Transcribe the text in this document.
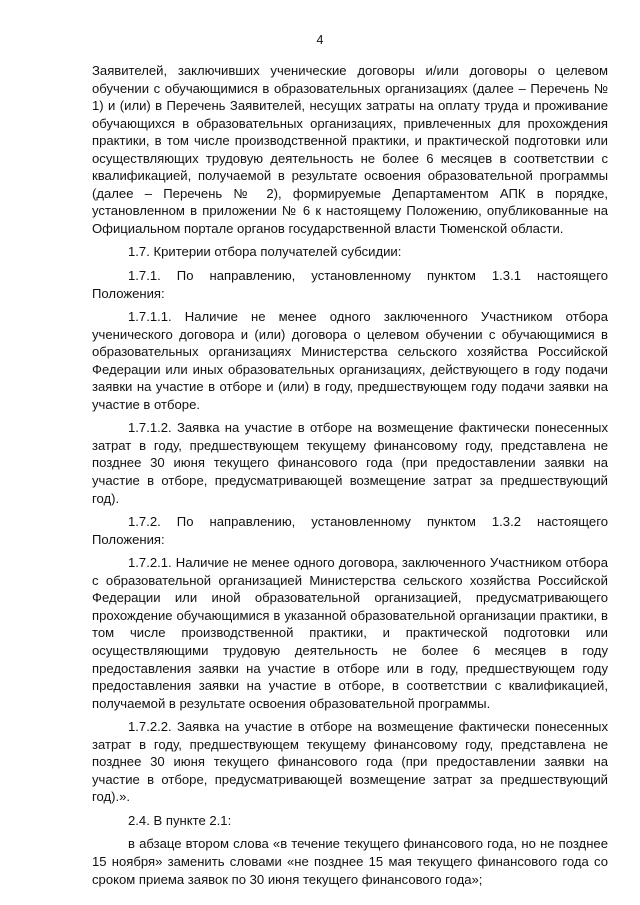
4

Заявителей, заключивших ученические договоры и/или договоры о целевом обучении с обучающимися в образовательных организациях (далее – Перечень № 1) и (или) в Перечень Заявителей, несущих затраты на оплату труда и проживание обучающихся в образовательных организациях, привлеченных для прохождения практики, в том числе производственной практики, и практической подготовки или осуществляющих трудовую деятельность не более 6 месяцев в соответствии с квалификацией, получаемой в результате освоения образовательной программы (далее – Перечень № 2), формируемые Департаментом АПК в порядке, установленном в приложении № 6 к настоящему Положению, опубликованные на Официальном портале органов государственной власти Тюменской области.

1.7. Критерии отбора получателей субсидии:

1.7.1. По направлению, установленному пунктом 1.3.1 настоящего Положения:

1.7.1.1. Наличие не менее одного заключенного Участником отбора ученического договора и (или) договора о целевом обучении с обучающимися в образовательных организациях Министерства сельского хозяйства Российской Федерации или иных образовательных организациях, действующего в году подачи заявки на участие в отборе и (или) в году, предшествующем году подачи заявки на участие в отборе.

1.7.1.2. Заявка на участие в отборе на возмещение фактически понесенных затрат в году, предшествующем текущему финансовому году, представлена не позднее 30 июня текущего финансового года (при предоставлении заявки на участие в отборе, предусматривающей возмещение затрат за предшествующий год).

1.7.2. По направлению, установленному пунктом 1.3.2 настоящего Положения:

1.7.2.1. Наличие не менее одного договора, заключенного Участником отбора с образовательной организацией Министерства сельского хозяйства Российской Федерации или иной образовательной организацией, предусматривающего прохождение обучающимися в указанной образовательной организации практики, в том числе производственной практики, и практической подготовки или осуществляющими трудовую деятельность не более 6 месяцев в году предоставления заявки на участие в отборе или в году, предшествующем году предоставления заявки на участие в отборе, в соответствии с квалификацией, получаемой в результате освоения образовательной программы.

1.7.2.2. Заявка на участие в отборе на возмещение фактически понесенных затрат в году, предшествующем текущему финансовому году, представлена не позднее 30 июня текущего финансового года (при предоставлении заявки на участие в отборе, предусматривающей возмещение затрат за предшествующий год).».

2.4. В пункте 2.1:

в абзаце втором слова «в течение текущего финансового года, но не позднее 15 ноября» заменить словами «не позднее 15 мая текущего финансового года со сроком приема заявок по 30 июня текущего финансового года»;
